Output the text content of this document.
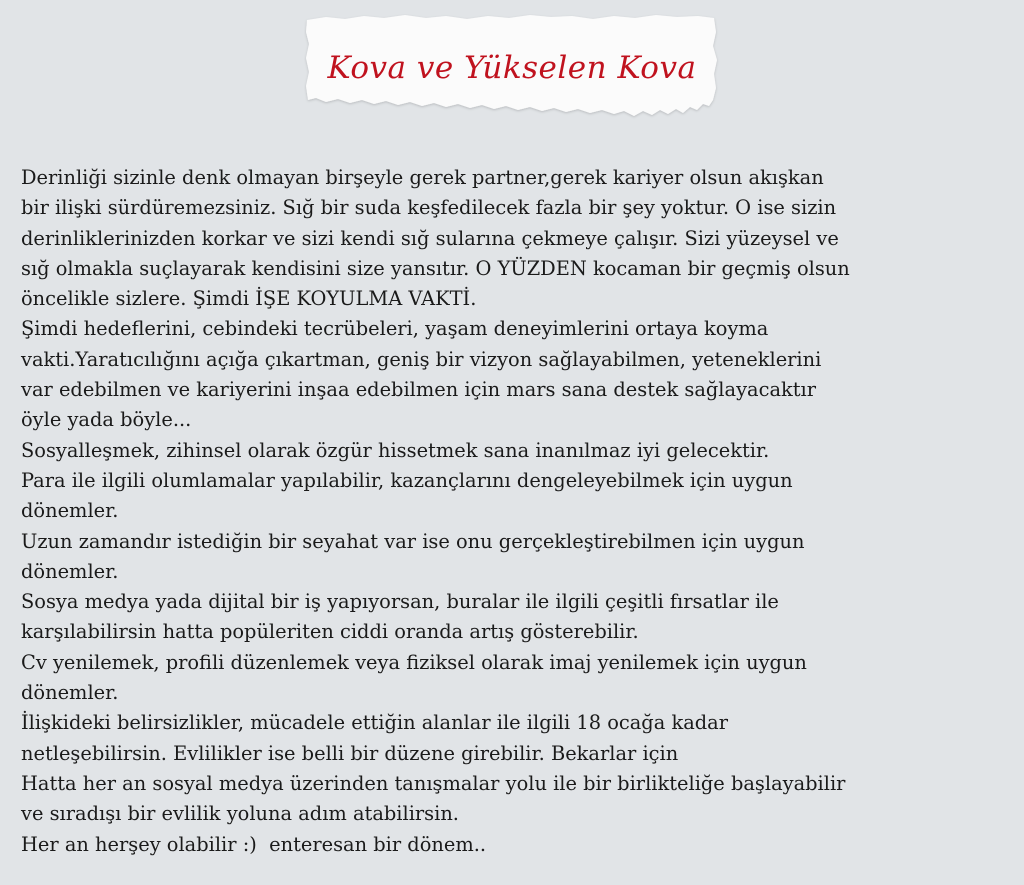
Kova ve Yükselen Kova
Derinliği sizinle denk olmayan birşeyle gerek partner,gerek kariyer olsun akışkan
bir ilişki sürdüremezsiniz. Sığ bir suda keşfedilecek fazla bir şey yoktur. O ise sizin
derinliklerinizden korkar ve sizi kendi sığ sularına çekmeye çalışır. Sizi yüzeysel ve
sığ olmakla suçlayarak kendisini size yansıtır. O YÜZDEN kocaman bir geçmiş olsun
öncelikle sizlere. Şimdi İŞE KOYULMA VAKTİ.
Şimdi hedeflerini, cebindeki tecrübeleri, yaşam deneyimlerini ortaya koyma
vakti.Yaratıcılığını açığa çıkartman, geniş bir vizyon sağlayabilmen, yeteneklerini
var edebilmen ve kariyerini inşaa edebilmen için mars sana destek sağlayacaktır
öyle yada böyle...
Sosyalleşmek, zihinsel olarak özgür hissetmek sana inanılmaz iyi gelecektir.
Para ile ilgili olumlamalar yapılabilir, kazançlarını dengeleyebilmek için uygun
dönemler.
Uzun zamandır istediğin bir seyahat var ise onu gerçekleştirebilmen için uygun
dönemler.
Sosya medya yada dijital bir iş yapıyorsan, buralar ile ilgili çeşitli fırsatlar ile
karşılabilirsin hatta popüleriten ciddi oranda artış gösterebilir.
Cv yenilemek, profili düzenlemek veya fiziksel olarak imaj yenilemek için uygun
dönemler.
İlişkideki belirsizlikler, mücadele ettiğin alanlar ile ilgili 18 ocağa kadar
netleşebilirsin. Evlilikler ise belli bir düzene girebilir. Bekarlar için
Hatta her an sosyal medya üzerinden tanışmalar yolu ile bir birlikteliğe başlayabilir
ve sıradışı bir evlilik yoluna adım atabilirsin.
Her an herşey olabilir :)  enteresan bir dönem..
